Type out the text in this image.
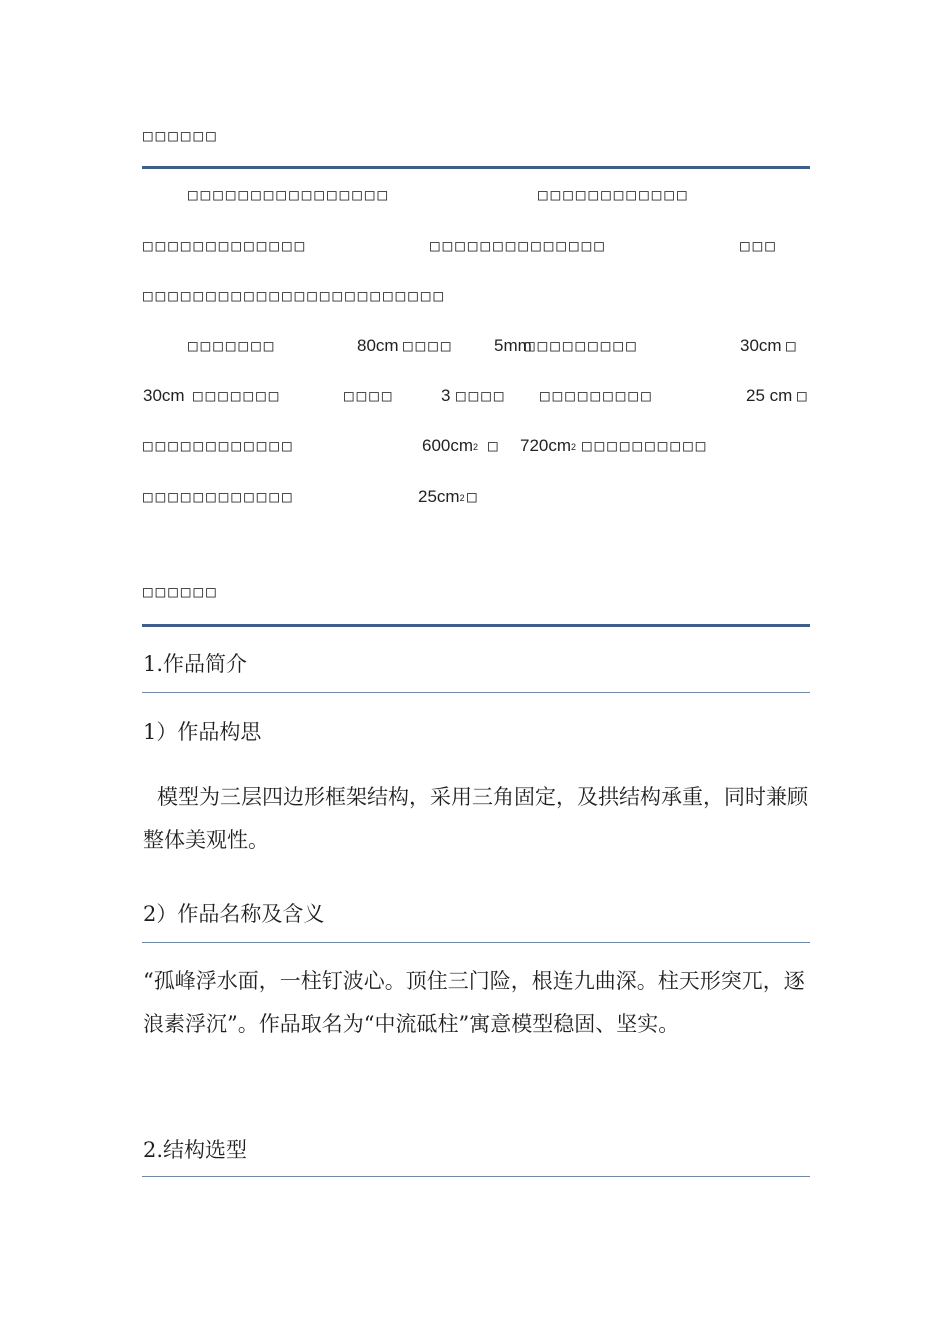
□□□□□□
□□□□□□□□□□□□□□□□	□□□□□□□□□□□□
□□□□□□□□□□□□□	□□□□□□□□□□□□□□	□□□
□□□□□□□□□□□□□□□□□□□□□□□□
□□□□□□□	80cm □□□□ 5mm
□□□□□□□□□	30cm □
30cm □□□□□□□	□□□□	3 □□□□ □□□□□□□□□	25 cm □
□□□□□□□□□□□□	$600cm_2$ □ $720cm_2$ □□□□□□□□□□
□□□□□□□□□□□□	$25cm_2$ □
□□□□□□
1.作品简介
1）作品构思
模型为三层四边形框架结构，采用三角固定，及拱结构承重，同时兼顾整体美观性。
2）作品名称及含义
“孤峰浮水面，一柱钉波心。顶住三门险，根连九曲深。柱天形突兀，逐浪素浮沉”。作品取名为“中流砥柱”寓意模型稳固、坚实。
2.结构选型
